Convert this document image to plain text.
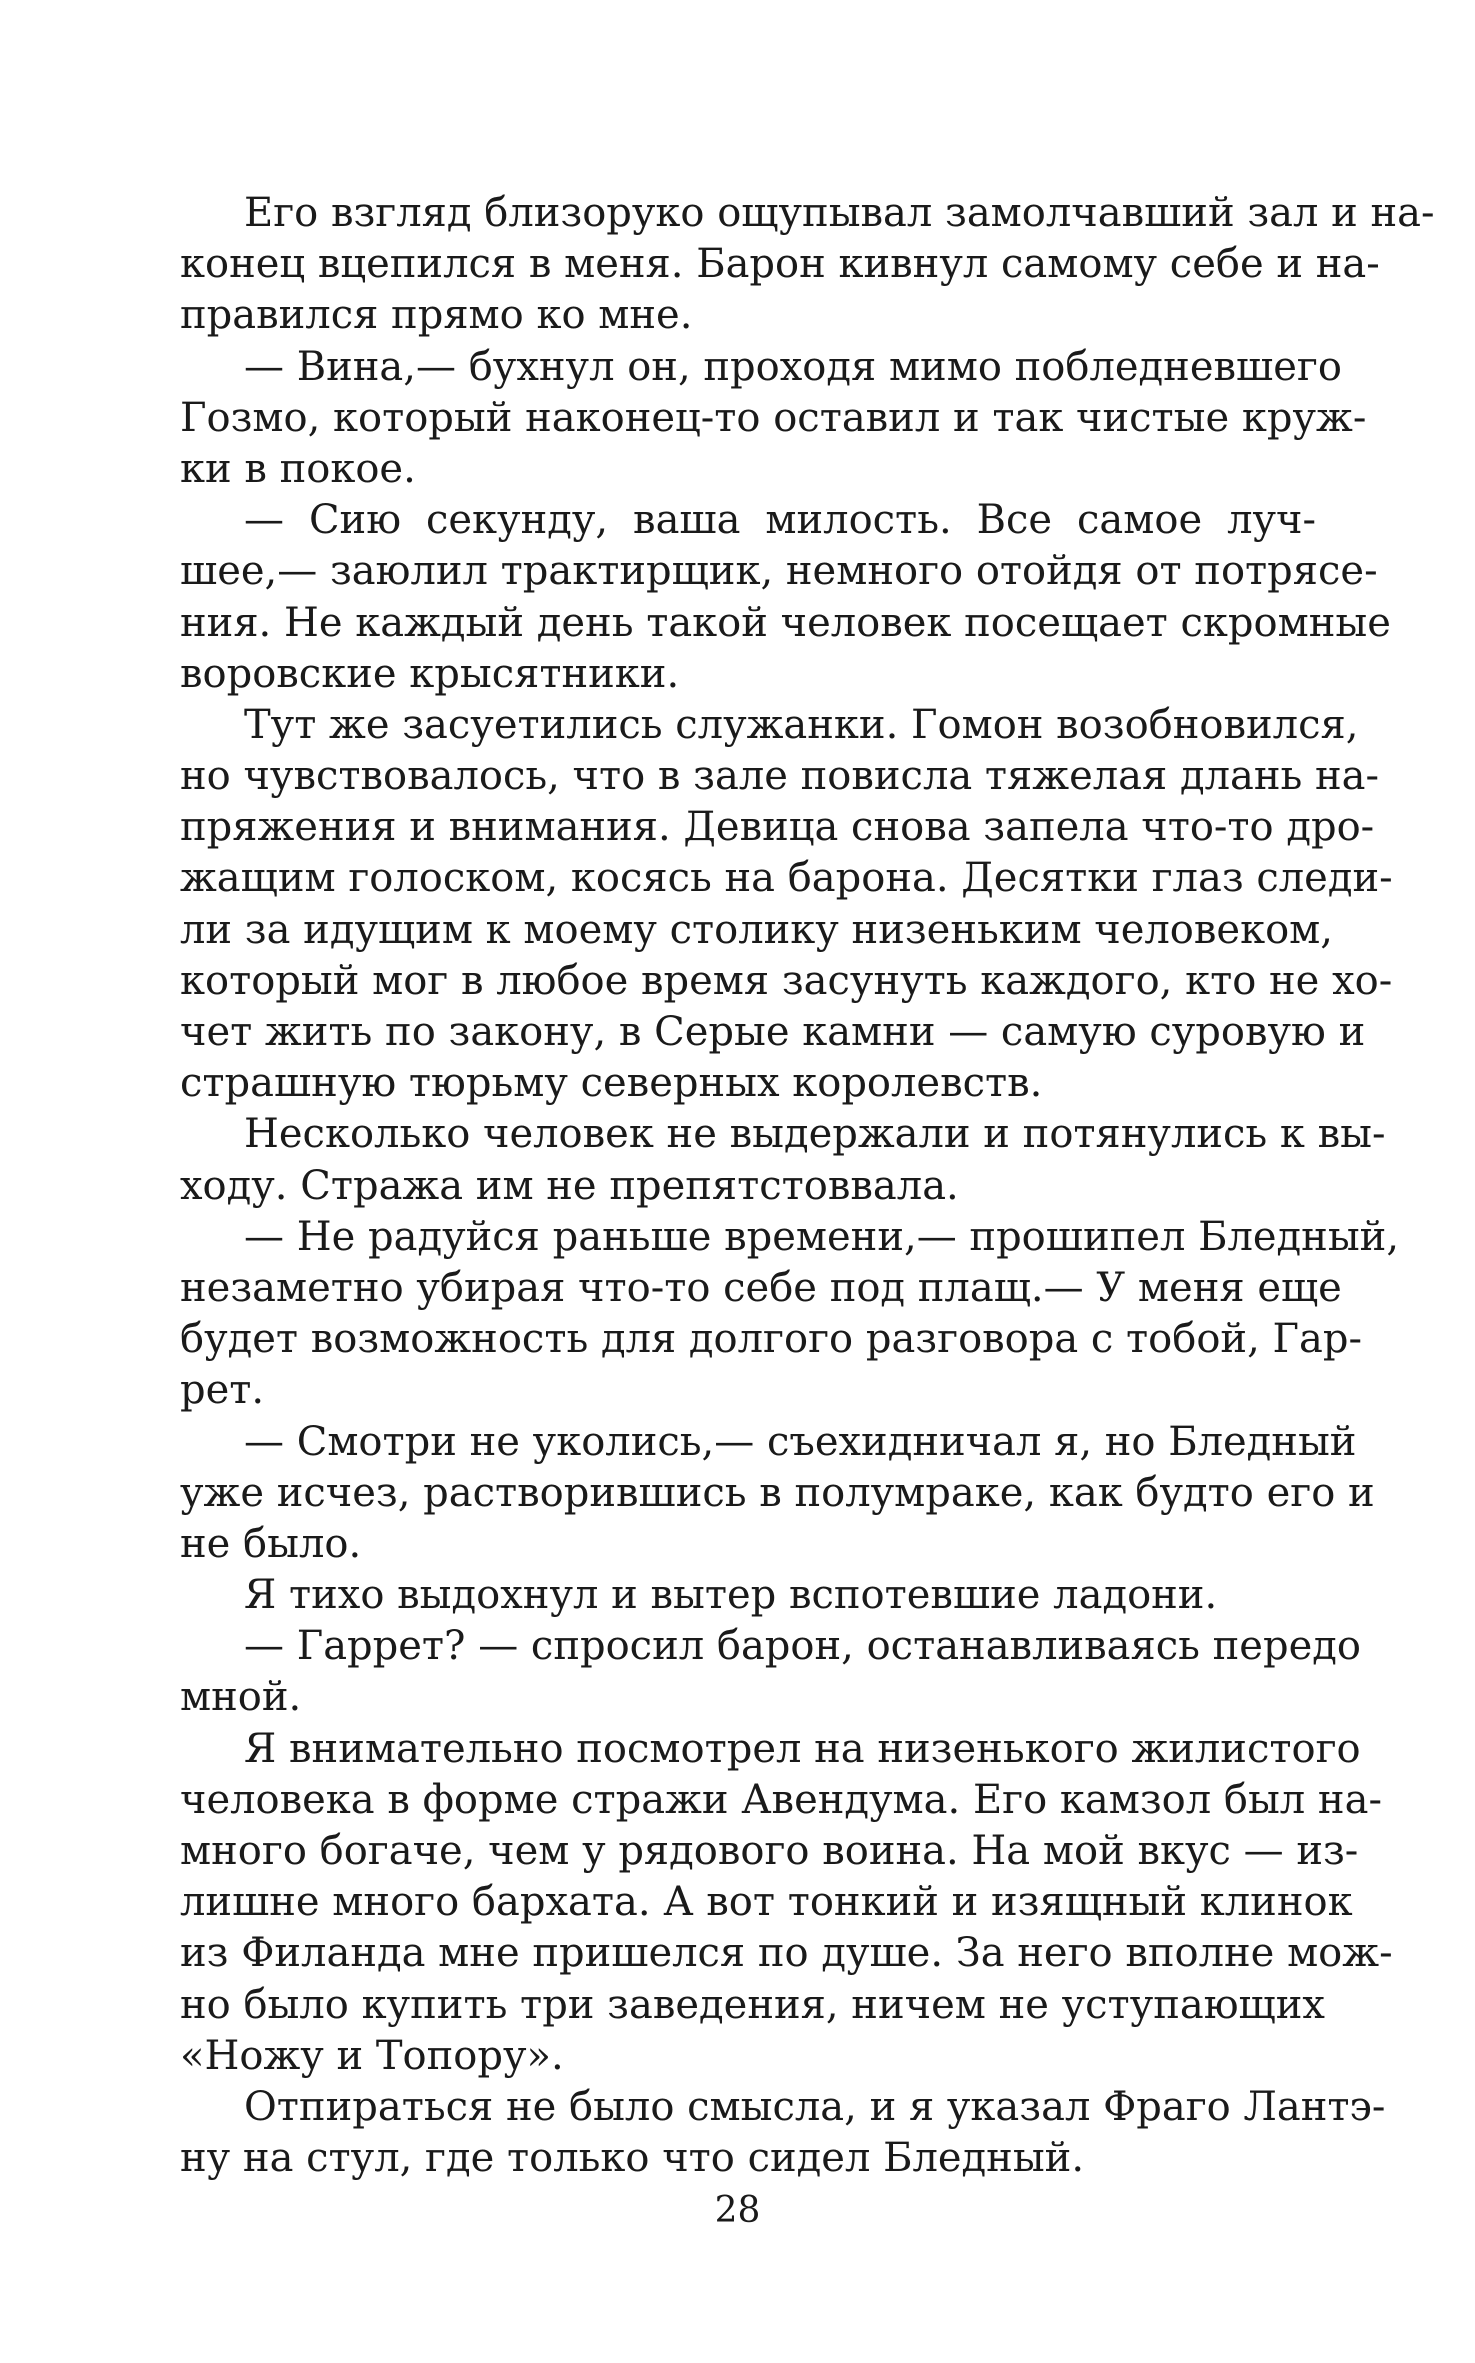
Его взгляд близоруко ощупывал замолчавший зал и на-
конец вцепился в меня. Барон кивнул самому себе и на-
правился прямо ко мне.
— Вина,— бухнул он, проходя мимо побледневшего
Гозмо, который наконец-то оставил и так чистые круж-
ки в покое.
— Сию секунду, ваша милость. Все самое луч-
шее,— заюлил трактирщик, немного отойдя от потрясе-
ния. Не каждый день такой человек посещает скромные
воровские крысятники.
Тут же засуетились служанки. Гомон возобновился,
но чувствовалось, что в зале повисла тяжелая длань на-
пряжения и внимания. Девица снова запела что-то дро-
жащим голоском, косясь на барона. Десятки глаз следи-
ли за идущим к моему столику низеньким человеком,
который мог в любое время засунуть каждого, кто не хо-
чет жить по закону, в Серые камни — самую суровую и
страшную тюрьму северных королевств.
Несколько человек не выдержали и потянулись к вы-
ходу. Стража им не препятстоввала.
— Не радуйся раньше времени,— прошипел Бледный,
незаметно убирая что-то себе под плащ.— У меня еще
будет возможность для долгого разговора с тобой, Гар-
рет.
— Смотри не уколись,— съехидничал я, но Бледный
уже исчез, растворившись в полумраке, как будто его и
не было.
Я тихо выдохнул и вытер вспотевшие ладони.
— Гаррет? — спросил барон, останавливаясь передо
мной.
Я внимательно посмотрел на низенького жилистого
человека в форме стражи Авендума. Его камзол был на-
много богаче, чем у рядового воина. На мой вкус — из-
лишне много бархата. А вот тонкий и изящный клинок
из Филанда мне пришелся по душе. За него вполне мож-
но было купить три заведения, ничем не уступающих
«Ножу и Топору».
Отпираться не было смысла, и я указал Фраго Лантэ-
ну на стул, где только что сидел Бледный.
28
